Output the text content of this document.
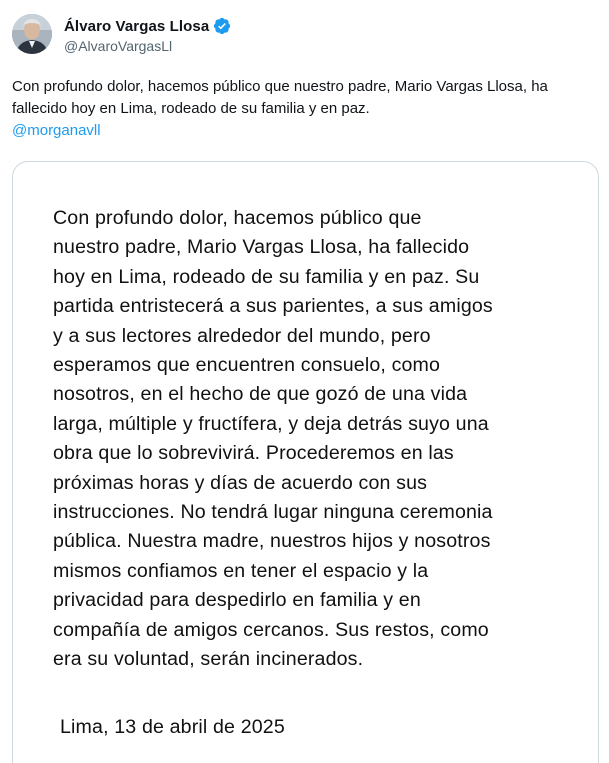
Álvaro Vargas Llosa
@AlvaroVargasLl
Con profundo dolor, hacemos público que nuestro padre, Mario Vargas Llosa, ha fallecido hoy en Lima, rodeado de su familia y en paz.
@morganavll
Con profundo dolor, hacemos público que
nuestro padre, Mario Vargas Llosa, ha fallecido
hoy en Lima, rodeado de su familia y en paz. Su
partida entristecerá a sus parientes, a sus amigos
y a sus lectores alrededor del mundo, pero
esperamos que encuentren consuelo, como
nosotros, en el hecho de que gozó de una vida
larga, múltiple y fructífera, y deja detrás suyo una
obra que lo sobrevivirá. Procederemos en las
próximas horas y días de acuerdo con sus
instrucciones. No tendrá lugar ninguna ceremonia
pública. Nuestra madre, nuestros hijos y nosotros
mismos confiamos en tener el espacio y la
privacidad para despedirlo en familia y en
compañía de amigos cercanos. Sus restos, como
era su voluntad, serán incinerados.
Lima, 13 de abril de 2025
